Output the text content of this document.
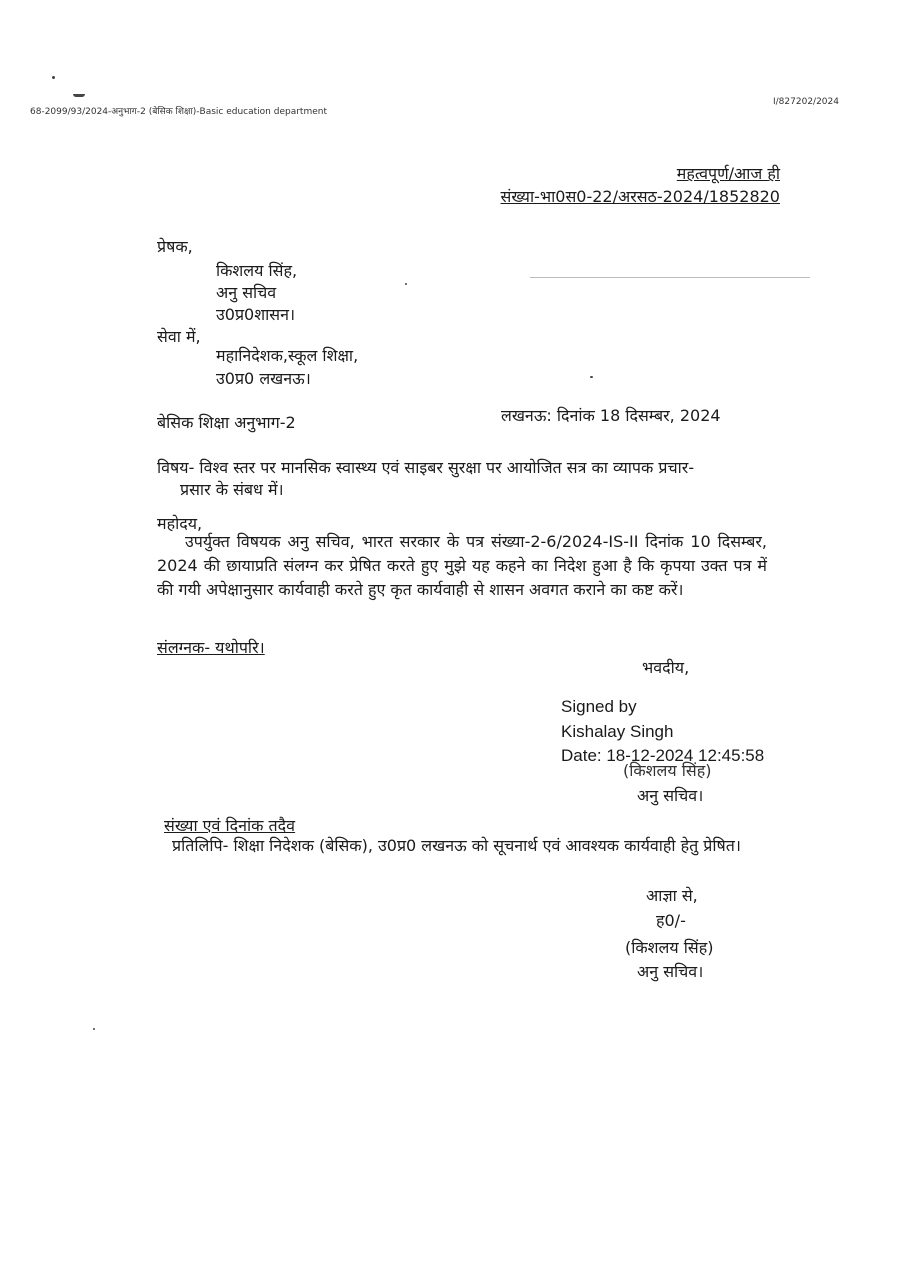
68-2099/93/2024-अनुभाग-2 (बेसिक शिक्षा)-Basic education department
I/827202/2024
महत्वपूर्ण/आज ही
संख्या-भा0स0-22/अरसठ-2024/1852820
प्रेषक,
किशलय सिंह,
अनु सचिव
उ0प्र0शासन।
सेवा में,
महानिदेशक,स्कूल शिक्षा,
उ0प्र0 लखनऊ।
बेसिक शिक्षा अनुभाग-2	लखनऊ: दिनांक 18 दिसम्बर, 2024
विषय- विश्व स्तर पर मानसिक स्वास्थ्य एवं साइबर सुरक्षा पर आयोजित सत्र का व्यापक प्रचार-
प्रसार के संबध में।
महोदय,
उपर्युक्त विषयक अनु सचिव, भारत सरकार के पत्र संख्या-2-6/2024-IS-II दिनांक 10 दिसम्बर, 2024 की छायाप्रति संलग्न कर प्रेषित करते हुए मुझे यह कहने का निदेश हुआ है कि कृपया उक्त पत्र में की गयी अपेक्षानुसार कार्यवाही करते हुए कृत कार्यवाही से शासन अवगत कराने का कष्ट करें।
संलग्नक- यथोपरि।
भवदीय,
Signed by
Kishalay Singh
Date: 18-12-2024 12:45:58
(किशलय सिंह)
अनु सचिव।
संख्या एवं दिनांक तदैव
प्रतिलिपि- शिक्षा निदेशक (बेसिक), उ0प्र0 लखनऊ को सूचनार्थ एवं आवश्यक कार्यवाही हेतु प्रेषित।
आज्ञा से,
ह0/-
(किशलय सिंह)
अनु सचिव।
